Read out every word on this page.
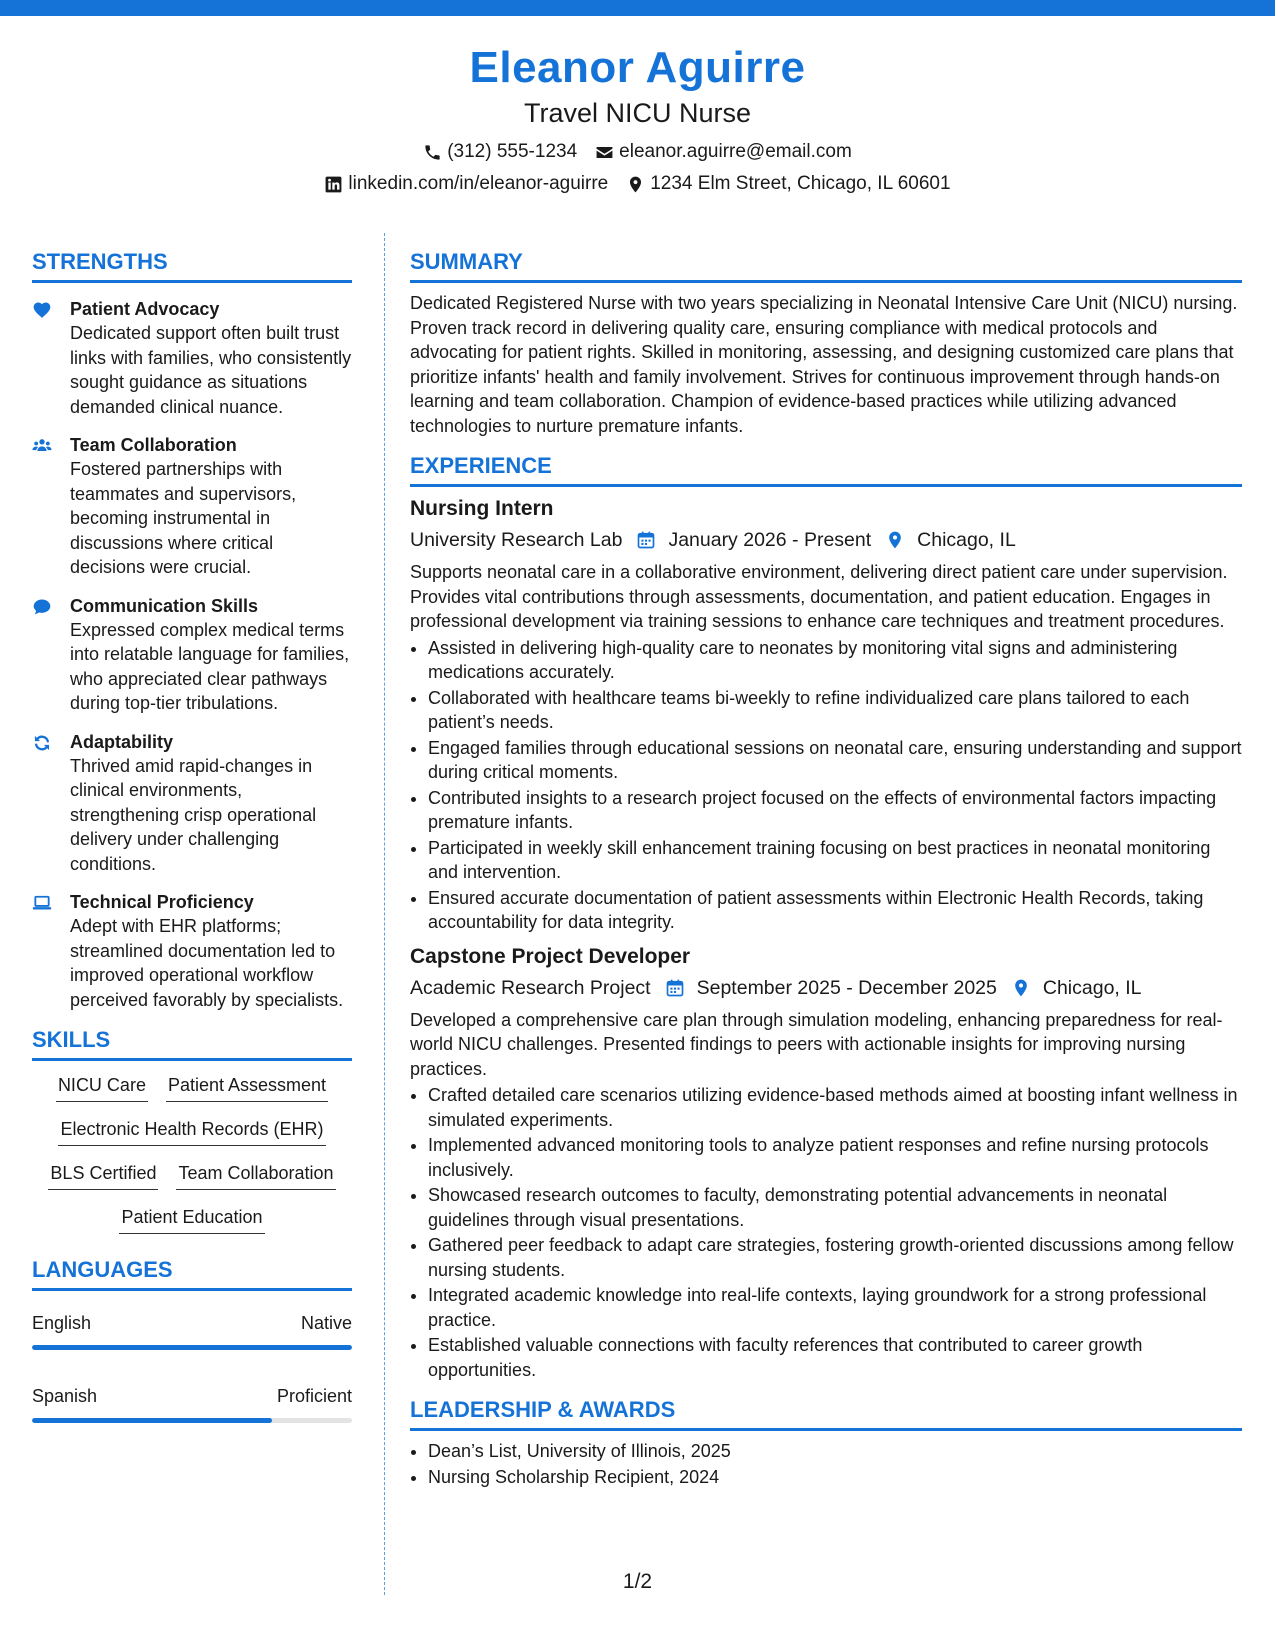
Eleanor Aguirre
Travel NICU Nurse
(312) 555-1234 eleanor.aguirre@email.com
linkedin.com/in/eleanor-aguirre 1234 Elm Street, Chicago, IL 60601
STRENGTHS
Patient Advocacy
Dedicated support often built trust links with families, who consistently sought guidance as situations demanded clinical nuance.
Team Collaboration
Fostered partnerships with teammates and supervisors, becoming instrumental in discussions where critical decisions were crucial.
Communication Skills
Expressed complex medical terms into relatable language for families, who appreciated clear pathways during top-tier tribulations.
Adaptability
Thrived amid rapid-changes in clinical environments, strengthening crisp operational delivery under challenging conditions.
Technical Proficiency
Adept with EHR platforms; streamlined documentation led to improved operational workflow perceived favorably by specialists.
SKILLS
NICU Care Patient Assessment
Electronic Health Records (EHR)
BLS Certified Team Collaboration
Patient Education
LANGUAGES
English	Native
Spanish	Proficient
SUMMARY
Dedicated Registered Nurse with two years specializing in Neonatal Intensive Care Unit (NICU) nursing. Proven track record in delivering quality care, ensuring compliance with medical protocols and advocating for patient rights. Skilled in monitoring, assessing, and designing customized care plans that prioritize infants' health and family involvement. Strives for continuous improvement through hands-on learning and team collaboration. Champion of evidence-based practices while utilizing advanced technologies to nurture premature infants.
EXPERIENCE
Nursing Intern
University Research Lab January 2026 - Present Chicago, IL
Supports neonatal care in a collaborative environment, delivering direct patient care under supervision. Provides vital contributions through assessments, documentation, and patient education. Engages in professional development via training sessions to enhance care techniques and treatment procedures.
• Assisted in delivering high-quality care to neonates by monitoring vital signs and administering medications accurately.
• Collaborated with healthcare teams bi-weekly to refine individualized care plans tailored to each patient’s needs.
• Engaged families through educational sessions on neonatal care, ensuring understanding and support during critical moments.
• Contributed insights to a research project focused on the effects of environmental factors impacting premature infants.
• Participated in weekly skill enhancement training focusing on best practices in neonatal monitoring and intervention.
• Ensured accurate documentation of patient assessments within Electronic Health Records, taking accountability for data integrity.
Capstone Project Developer
Academic Research Project September 2025 - December 2025 Chicago, IL
Developed a comprehensive care plan through simulation modeling, enhancing preparedness for real-world NICU challenges. Presented findings to peers with actionable insights for improving nursing practices.
• Crafted detailed care scenarios utilizing evidence-based methods aimed at boosting infant wellness in simulated experiments.
• Implemented advanced monitoring tools to analyze patient responses and refine nursing protocols inclusively.
• Showcased research outcomes to faculty, demonstrating potential advancements in neonatal guidelines through visual presentations.
• Gathered peer feedback to adapt care strategies, fostering growth-oriented discussions among fellow nursing students.
• Integrated academic knowledge into real-life contexts, laying groundwork for a strong professional practice.
• Established valuable connections with faculty references that contributed to career growth opportunities.
LEADERSHIP & AWARDS
• Dean’s List, University of Illinois, 2025
• Nursing Scholarship Recipient, 2024
1/2
